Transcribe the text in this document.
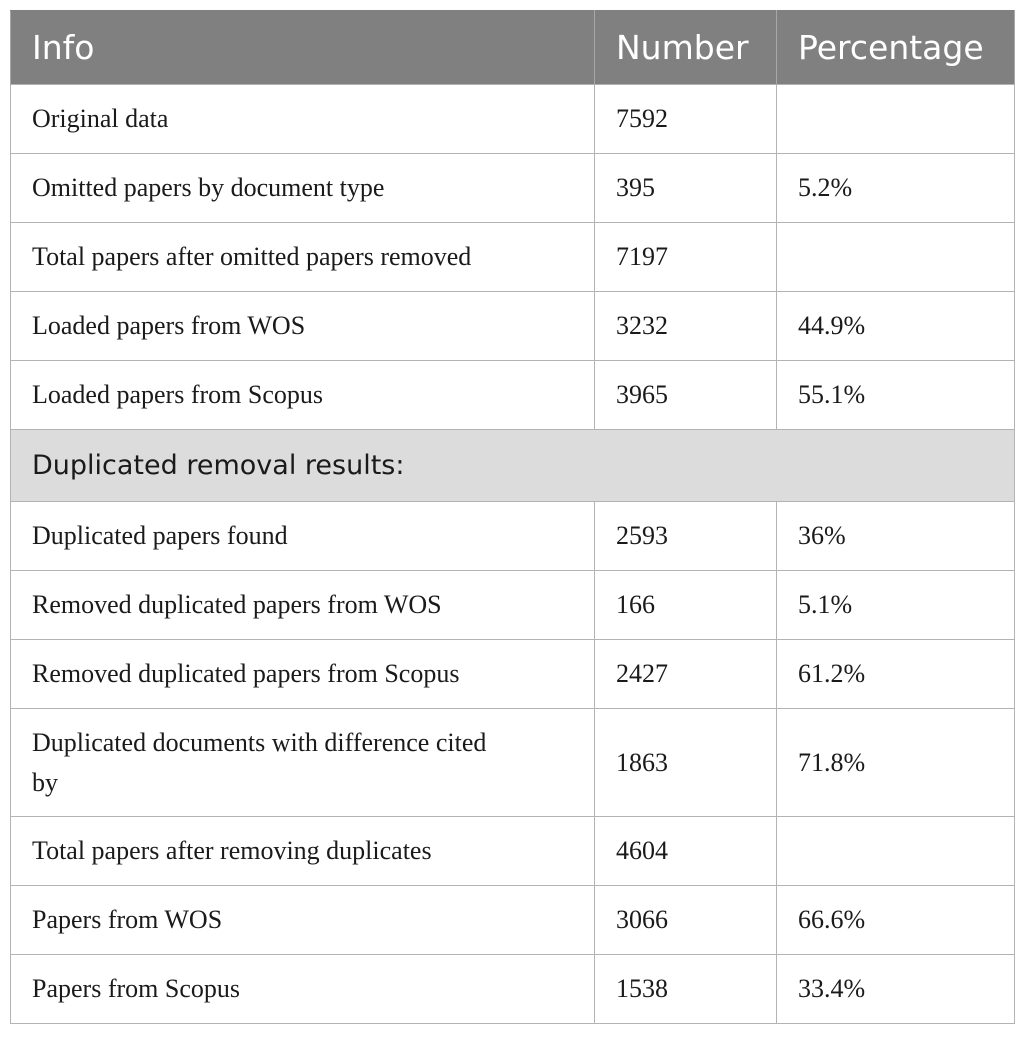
Info	Number	Percentage
Original data	7592	
Omitted papers by document type	395	5.2%
Total papers after omitted papers removed	7197	
Loaded papers from WOS	3232	44.9%
Loaded papers from Scopus	3965	55.1%
Duplicated removal results:		
Duplicated papers found	2593	36%
Removed duplicated papers from WOS	166	5.1%
Removed duplicated papers from Scopus	2427	61.2%
Duplicated documents with difference cited by	1863	71.8%
Total papers after removing duplicates	4604	
Papers from WOS	3066	66.6%
Papers from Scopus	1538	33.4%
